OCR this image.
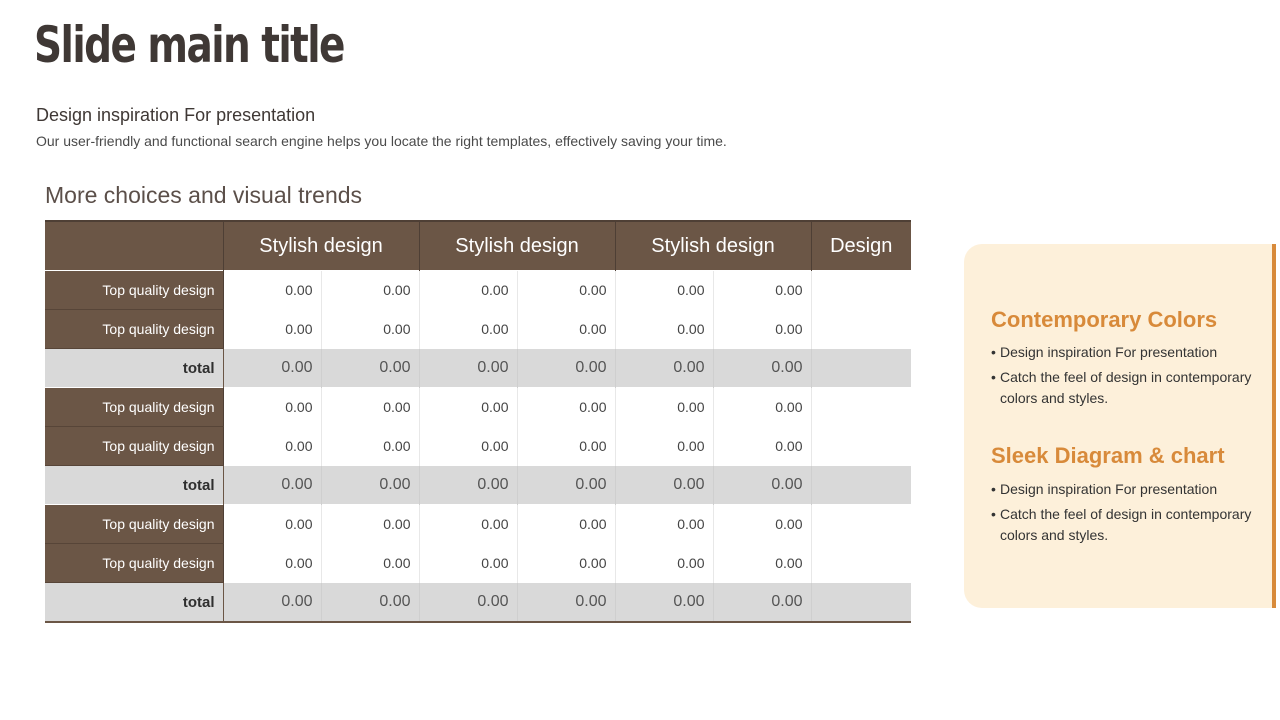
Slide main title
Design inspiration For presentation
Our user-friendly and functional search engine helps you locate the right templates, effectively saving your time.
More choices and visual trends
	Stylish design		Stylish design		Stylish design		Design
Top quality design	0.00	0.00	0.00	0.00	0.00	0.00	
Top quality design	0.00	0.00	0.00	0.00	0.00	0.00	
total	0.00	0.00	0.00	0.00	0.00	0.00	
Top quality design	0.00	0.00	0.00	0.00	0.00	0.00	
Top quality design	0.00	0.00	0.00	0.00	0.00	0.00	
total	0.00	0.00	0.00	0.00	0.00	0.00	
Top quality design	0.00	0.00	0.00	0.00	0.00	0.00	
Top quality design	0.00	0.00	0.00	0.00	0.00	0.00	
total	0.00	0.00	0.00	0.00	0.00	0.00	
Contemporary Colors
• Design inspiration For presentation
• Catch the feel of design in contemporary colors and styles.
Sleek Diagram & chart
• Design inspiration For presentation
• Catch the feel of design in contemporary colors and styles.
